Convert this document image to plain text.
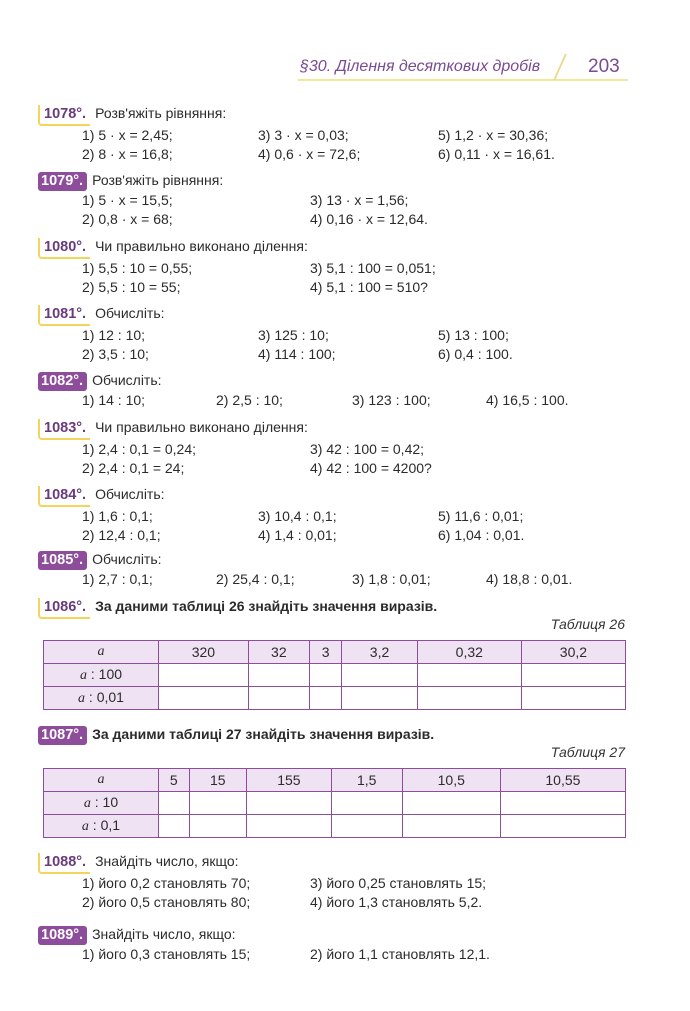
§30. Ділення десяткових дробів	203
1078°. Розв'яжіть рівняння:
1) 5 · x = 2,45;	3) 3 · x = 0,03;	5) 1,2 · x = 30,36;
2) 8 · x = 16,8;	4) 0,6 · x = 72,6;	6) 0,11 · x = 16,61.
1079°. Розв'яжіть рівняння:
1) 5 · x = 15,5;	3) 13 · x = 1,56;
2) 0,8 · x = 68;	4) 0,16 · x = 12,64.
1080°. Чи правильно виконано ділення:
1) 5,5 : 10 = 0,55;	3) 5,1 : 100 = 0,051;
2) 5,5 : 10 = 55;	4) 5,1 : 100 = 510?
1081°. Обчисліть:
1) 12 : 10;	3) 125 : 10;	5) 13 : 100;
2) 3,5 : 10;	4) 114 : 100;	6) 0,4 : 100.
1082°. Обчисліть:
1) 14 : 10;	2) 2,5 : 10;	3) 123 : 100;	4) 16,5 : 100.
1083°. Чи правильно виконано ділення:
1) 2,4 : 0,1 = 0,24;	3) 42 : 100 = 0,42;
2) 2,4 : 0,1 = 24;	4) 42 : 100 = 4200?
1084°. Обчисліть:
1) 1,6 : 0,1;	3) 10,4 : 0,1;	5) 11,6 : 0,01;
2) 12,4 : 0,1;	4) 1,4 : 0,01;	6) 1,04 : 0,01.
1085°. Обчисліть:
1) 2,7 : 0,1;	2) 25,4 : 0,1;	3) 1,8 : 0,01;	4) 18,8 : 0,01.
1086°. За даними таблиці 26 знайдіть значення виразів.
Таблиця 26
a	320	32	3	3,2	0,32	30,2
a : 100						
a : 0,01						
1087°. За даними таблиці 27 знайдіть значення виразів.
Таблиця 27
a	5	15	155	1,5	10,5	10,55
a : 10						
a : 0,1						
1088°. Знайдіть число, якщо:
1) його 0,2 становлять 70;	3) його 0,25 становлять 15;
2) його 0,5 становлять 80;	4) його 1,3 становлять 5,2.
1089°. Знайдіть число, якщо:
1) його 0,3 становлять 15;	2) його 1,1 становлять 12,1.
